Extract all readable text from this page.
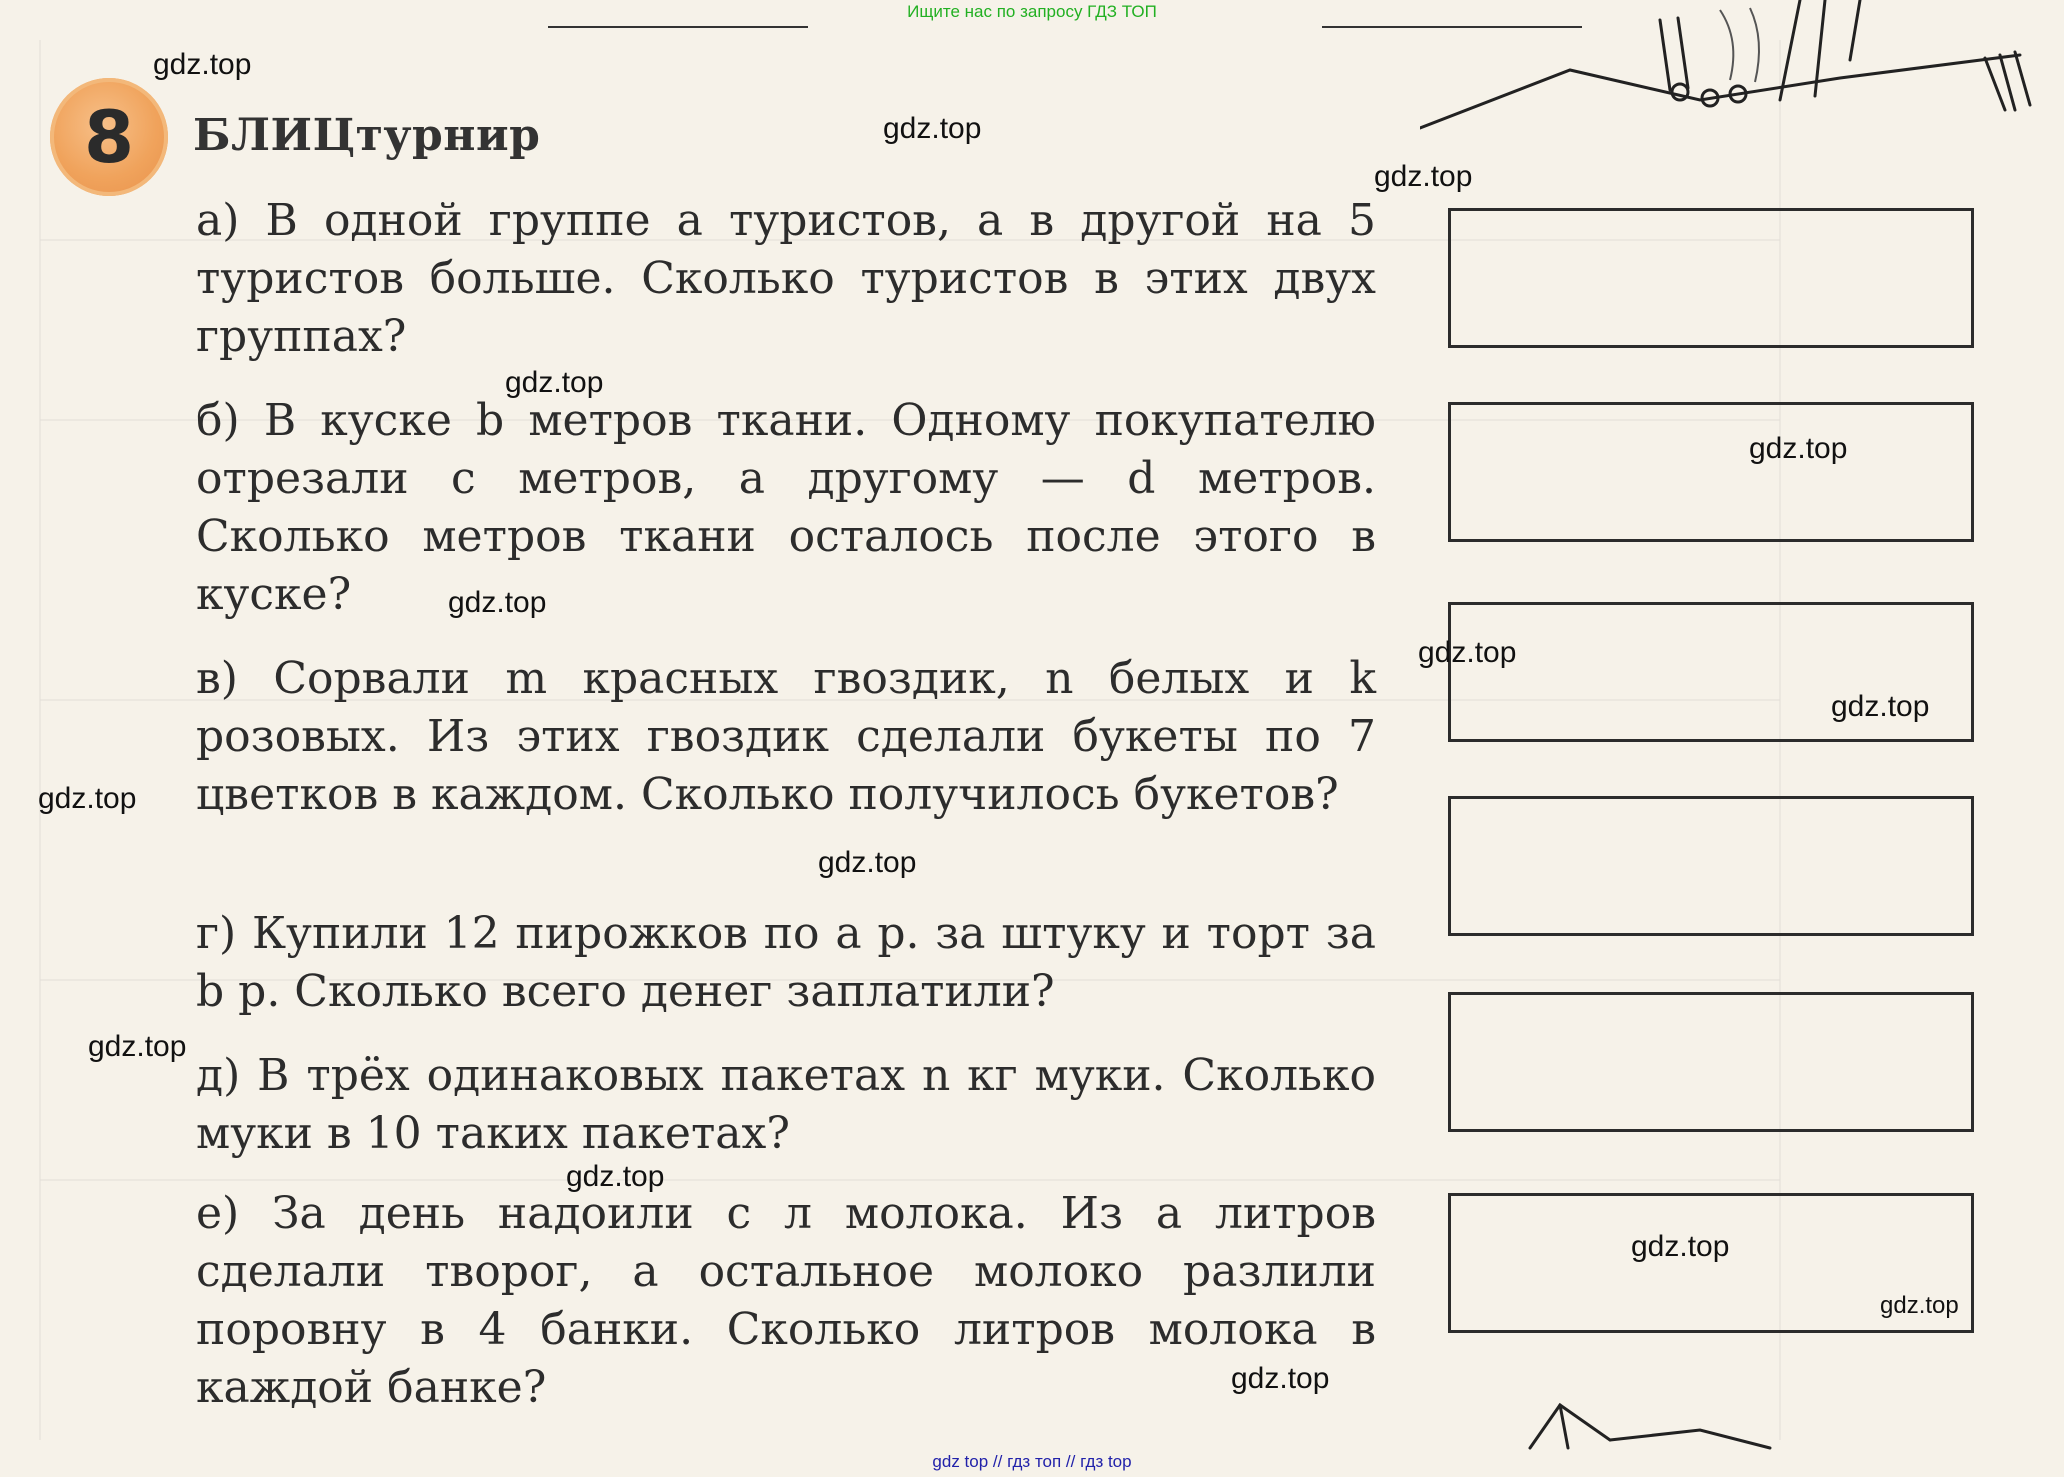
Ищите нас по запросу ГДЗ ТОП
8	БЛИЦтурнир
а) В одной группе a туристов, а в другой на 5 туристов больше. Сколько туристов в этих двух группах?
б) В куске b метров ткани. Одному покупателю отрезали c метров, а другому — d метров. Сколько метров ткани осталось после этого в куске?
в) Сорвали m красных гвоздик, n белых и k розовых. Из этих гвоздик сделали букеты по 7 цветков в каждом. Сколько получилось букетов?
г) Купили 12 пирожков по a р. за штуку и торт за b р. Сколько всего денег заплатили?
д) В трёх одинаковых пакетах n кг муки. Сколько муки в 10 таких пакетах?
е) За день надоили c л молока. Из a литров сделали творог, а остальное молоко разлили поровну в 4 банки. Сколько литров молока в каждой банке?
gdz.top
gdz.top
gdz.top
gdz.top
gdz.top
gdz.top
gdz.top
gdz.top
gdz.top
gdz.top
gdz.top
gdz.top
gdz.top
gdz.top
gdz.top
gdz top // гдз топ // гдз top
